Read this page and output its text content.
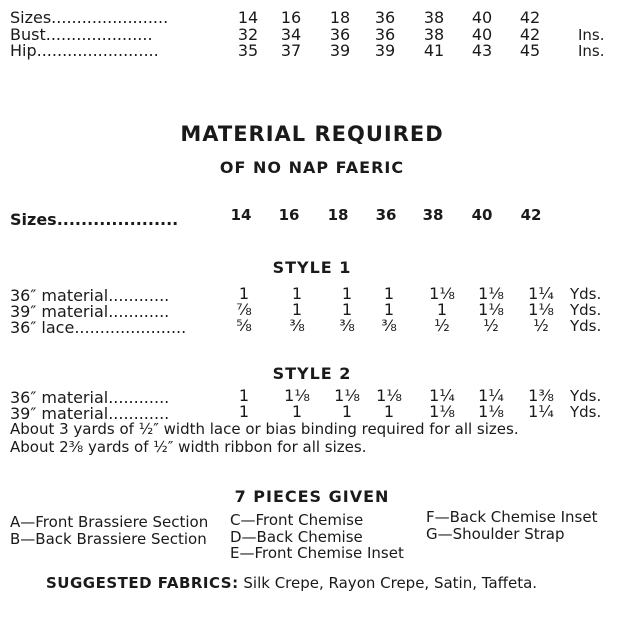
Sizes.......................	14	16	18	36	38	40	42
Bust.....................	32	34	36	36	38	40	42	Ins.
Hip........................	35	37	39	39	41	43	45	Ins.
MATERIAL REQUIRED
OF NO NAP FAERIC
Sizes....................	14	16	18	36	38	40	42
STYLE 1
36″ material............	1	1	1	1	1⅛	1⅛	1¼	Yds.
39″ material............	⅞	1	1	1	1	1⅛	1⅛	Yds.
36″ lace......................	⅝	⅜	⅜	⅜	½	½	½	Yds.
STYLE 2
36″ material............	1	1⅛	1⅛	1⅛	1¼	1¼	1⅜	Yds.
39″ material............	1	1	1	1	1⅛	1⅛	1¼	Yds.
About 3 yards of ½″ width lace or bias binding required for all sizes.
About 2⅜ yards of ½″ width ribbon for all sizes.
7 PIECES GIVEN
A—Front Brassiere Section
B—Back Brassiere Section
C—Front Chemise
D—Back Chemise
E—Front Chemise Inset
F—Back Chemise Inset
G—Shoulder Strap
SUGGESTED FABRICS: Silk Crepe, Rayon Crepe, Satin, Taffeta.
